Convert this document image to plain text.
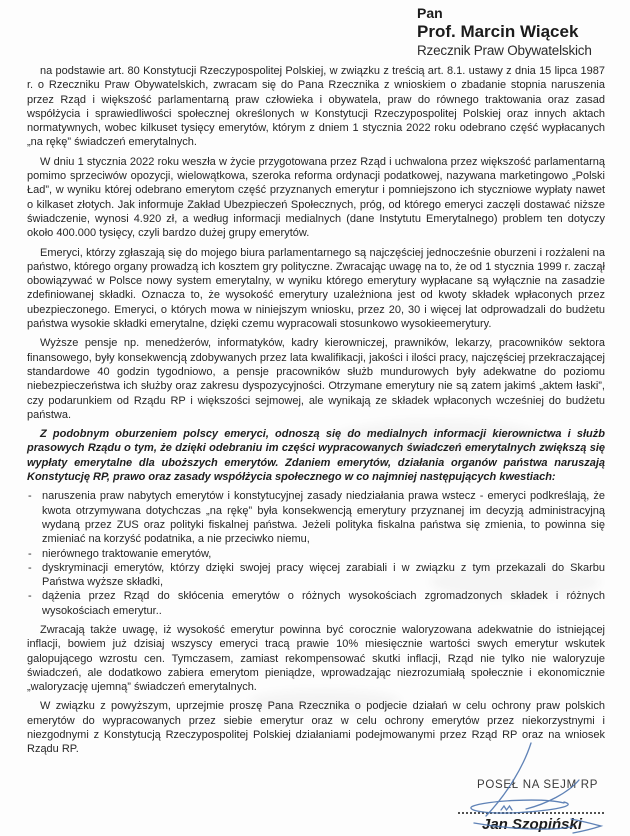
Pan
Prof. Marcin Wiącek
Rzecznik Praw Obywatelskich

na podstawie art. 80 Konstytucji Rzeczypospolitej Polskiej, w związku z treścią art. 8.1. ustawy z dnia 15 lipca 1987 r. o Rzeczniku Praw Obywatelskich, zwracam się do Pana Rzecznika z wnioskiem o zbadanie stopnia naruszenia przez Rząd i większość parlamentarną praw człowieka i obywatela, praw do równego traktowania oraz zasad współżycia i sprawiedliwości społecznej określonych w Konstytucji Rzeczypospolitej Polskiej oraz innych aktach normatywnych, wobec kilkuset tysięcy emerytów, którym z dniem 1 stycznia 2022 roku odebrano część wypłacanych „na rękę” świadczeń emerytalnych.

W dniu 1 stycznia 2022 roku weszła w życie przygotowana przez Rząd i uchwalona przez większość parlamentarną pomimo sprzeciwów opozycji, wielowątkowa, szeroka reforma ordynacji podatkowej, nazywana marketingowo „Polski Ład”, w wyniku której odebrano emerytom część przyznanych emerytur i pomniejszono ich styczniowe wypłaty nawet o kilkaset złotych. Jak informuje Zakład Ubezpieczeń Społecznych, próg, od którego emeryci zaczęli dostawać niższe świadczenie, wynosi 4.920 zł, a według informacji medialnych (dane Instytutu Emerytalnego) problem ten dotyczy około 400.000 tysięcy, czyli bardzo dużej grupy emerytów.

Emeryci, którzy zgłaszają się do mojego biura parlamentarnego są najczęściej jednocześnie oburzeni i rozżaleni na państwo, którego organy prowadzą ich kosztem gry polityczne. Zwracając uwagę na to, że od 1 stycznia 1999 r. zaczął obowiązywać w Polsce nowy system emerytalny, w wyniku którego emerytury wypłacane są wyłącznie na zasadzie zdefiniowanej składki. Oznacza to, że wysokość emerytury uzależniona jest od kwoty składek wpłaconych przez ubezpieczonego. Emeryci, o których mowa w niniejszym wniosku, przez 20, 30 i więcej lat odprowadzali do budżetu państwa wysokie składki emerytalne, dzięki czemu wypracowali stosunkowo wysokieemerytury.

Wyższe pensje np. menedżerów, informatyków, kadry kierowniczej, prawników, lekarzy, pracowników sektora finansowego, były konsekwencją zdobywanych przez lata kwalifikacji, jakości i ilości pracy, najczęściej przekraczającej standardowe 40 godzin tygodniowo, a pensje pracowników służb mundurowych były adekwatne do poziomu niebezpieczeństwa ich służby oraz zakresu dyspozycyjności. Otrzymane emerytury nie są zatem jakimś „aktem łaski”, czy podarunkiem od Rządu RP i większości sejmowej, ale wynikają ze składek wpłaconych wcześniej do budżetu państwa.

Z podobnym oburzeniem polscy emeryci, odnoszą się do medialnych informacji kierownictwa i służb prasowych Rządu o tym, że dzięki odebraniu im części wypracowanych świadczeń emerytalnych zwiększą się wypłaty emerytalne dla uboższych emerytów. Zdaniem emerytów, działania organów państwa naruszają Konstytucję RP, prawo oraz zasady współżycia społecznego w co najmniej następujących kwestiach:

- naruszenia praw nabytych emerytów i konstytucyjnej zasady niedziałania prawa wstecz - emeryci podkreślają, że kwota otrzymywana dotychczas „na rękę” była konsekwencją emerytury przyznanej im decyzją administracyjną wydaną przez ZUS oraz polityki fiskalnej państwa. Jeżeli polityka fiskalna państwa się zmienia, to powinna się zmieniać na korzyść podatnika, a nie przeciwko niemu,
- nierównego traktowanie emerytów,
- dyskryminacji emerytów, którzy dzięki swojej pracy więcej zarabiali i w związku z tym przekazali do Skarbu Państwa wyższe składki,
- dążenia przez Rząd do skłócenia emerytów o różnych wysokościach zgromadzonych składek i różnych wysokościach emerytur..

Zwracają także uwagę, iż wysokość emerytur powinna być corocznie waloryzowana adekwatnie do istniejącej inflacji, bowiem już dzisiaj wszyscy emeryci tracą prawie 10% miesięcznie wartości swych emerytur wskutek galopującego wzrostu cen. Tymczasem, zamiast rekompensować skutki inflacji, Rząd nie tylko nie waloryzuje świadczeń, ale dodatkowo zabiera emerytom pieniądze, wprowadzając niezrozumiałą społecznie i ekonomicznie „waloryzację ujemną” świadczeń emerytalnych.

W związku z powyższym, uprzejmie proszę Pana Rzecznika o podjecie działań w celu ochrony praw polskich emerytów do wypracowanych przez siebie emerytur oraz w celu ochrony emerytów przez niekorzystnymi i niezgodnymi z Konstytucją Rzeczypospolitej Polskiej działaniami podejmowanymi przez Rząd RP oraz na wniosek Rządu RP.

POSEŁ NA SEJM RP
Jan Szopiński
